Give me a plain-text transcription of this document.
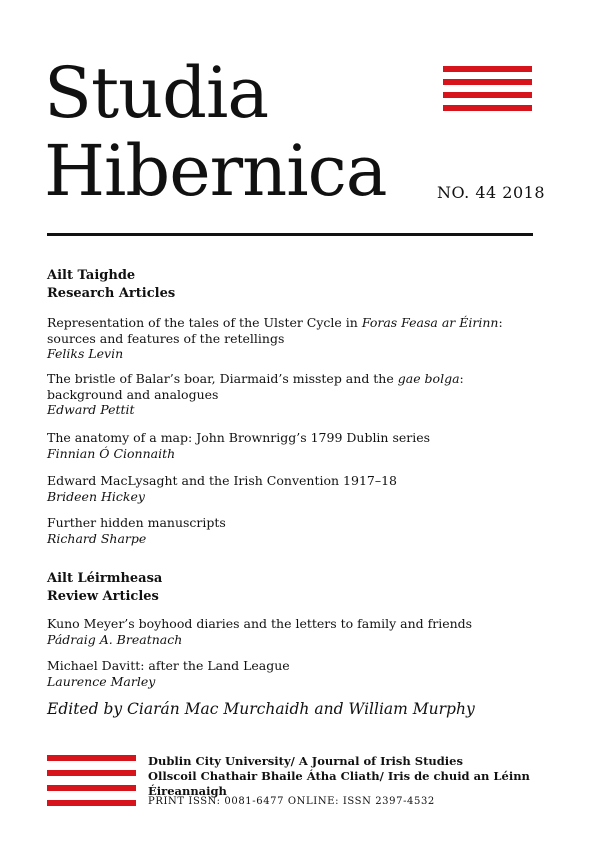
Studia
Hibernica	NO. 44 2018
Ailt Taighde
Research Articles
Representation of the tales of the Ulster Cycle in Foras Feasa ar Éirinn:
sources and features of the retellings
Feliks Levin
The bristle of Balar’s boar, Diarmaid’s misstep and the gae bolga:
background and analogues
Edward Pettit
The anatomy of a map: John Brownrigg’s 1799 Dublin series
Finnian Ó Cionnaith
Edward MacLysaght and the Irish Convention 1917–18
Brideen Hickey
Further hidden manuscripts
Richard Sharpe
Ailt Léirmheasa
Review Articles
Kuno Meyer’s boyhood diaries and the letters to family and friends
Pádraig A. Breatnach
Michael Davitt: after the Land League
Laurence Marley
Edited by Ciarán Mac Murchaidh and William Murphy
Dublin City University/ A Journal of Irish Studies
Ollscoil Chathair Bhaile Átha Cliath/ Iris de chuid an Léinn Éireannaigh
PRINT ISSN: 0081-6477 ONLINE: ISSN 2397-4532
